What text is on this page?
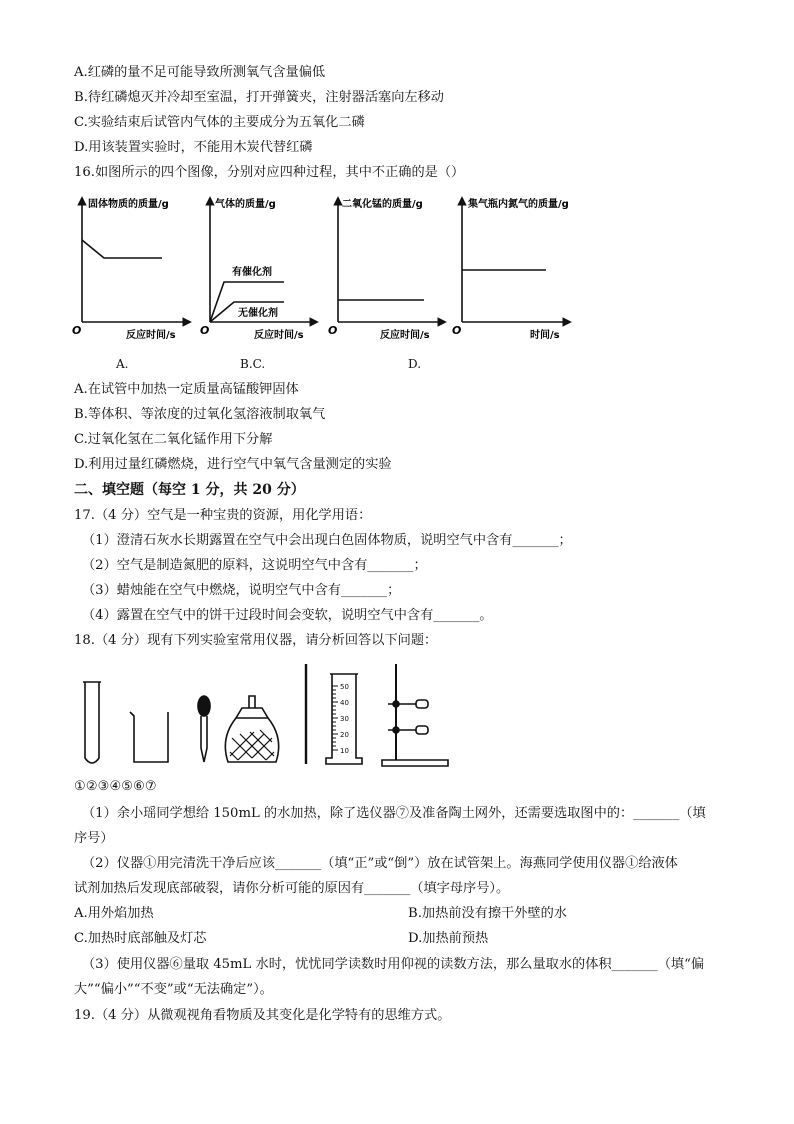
A.红磷的量不足可能导致所测氧气含量偏低
B.待红磷熄灭并冷却至室温，打开弹簧夹，注射器活塞向左移动
C.实验结束后试管内气体的主要成分为五氧化二磷
D.用该装置实验时，不能用木炭代替红磷
16.如图所示的四个图像，分别对应四种过程，其中不正确的是（）
固体物质的质量/g
反应时间/s
O
气体的质量/g
反应时间/s
O
有催化剂
无催化剂
二氧化锰的质量/g
反应时间/s
O
集气瓶内氮气的质量/g
时间/s
O
A.	B.C.	D.
A.在试管中加热一定质量高锰酸钾固体
B.等体积、等浓度的过氧化氢溶液制取氧气
C.过氧化氢在二氧化锰作用下分解
D.利用过量红磷燃烧，进行空气中氧气含量测定的实验
二、填空题（每空 1 分，共 20 分）
17.（4 分）空气是一种宝贵的资源，用化学用语：
（1）澄清石灰水长期露置在空气中会出现白色固体物质，说明空气中含有_______；
（2）空气是制造氮肥的原料，这说明空气中含有_______；
（3）蜡烛能在空气中燃烧，说明空气中含有_______；
（4）露置在空气中的饼干过段时间会变软，说明空气中含有_______。
18.（4 分）现有下列实验室常用仪器，请分析回答以下问题：
50
40
30
20
10
①②③④⑤⑥⑦
（1）余小瑶同学想给 150mL 的水加热，除了选仪器⑦及准备陶土网外，还需要选取图中的：_______（填
序号）
（2）仪器①用完清洗干净后应该_______（填“正”或“倒”）放在试管架上。海燕同学使用仪器①给液体
试剂加热后发现底部破裂，请你分析可能的原因有_______（填字母序号）。
A.用外焰加热	B.加热前没有擦干外壁的水
C.加热时底部触及灯芯	D.加热前预热
（3）使用仪器⑥量取 45mL 水时，忧忧同学读数时用仰视的读数方法，那么量取水的体积_______（填“偏
大”“偏小”“不变”或“无法确定”）。
19.（4 分）从微观视角看物质及其变化是化学特有的思维方式。
